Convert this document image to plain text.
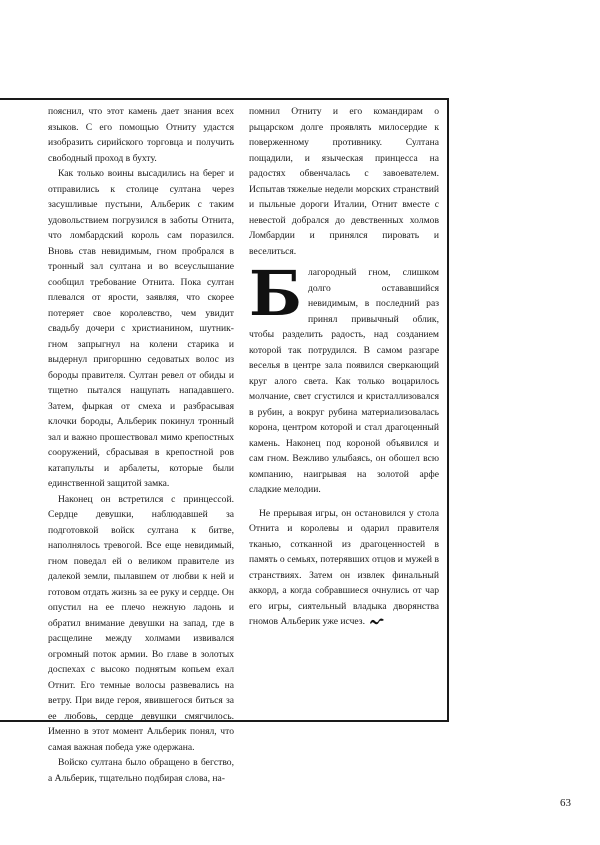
пояснил, что этот камень дает знания всех языков. С его помощью Отниту удастся изобразить сирийского торговца и получить свободный проход в бухту.

Как только воины высадились на берег и отправились к столице султана через засушливые пустыни, Альберик с таким удовольствием погрузился в заботы Отнита, что ломбардский король сам поразился. Вновь став невидимым, гном пробрался в тронный зал султана и во всеуслышание сообщил требование Отнита. Пока султан плевался от ярости, заявляя, что скорее потеряет свое королевство, чем увидит свадьбу дочери с христианином, шутник-гном запрыгнул на колени старика и выдернул пригоршню седоватых волос из бороды правителя. Султан ревел от обиды и тщетно пытался нащупать нападавшего. Затем, фыркая от смеха и разбрасывая клочки бороды, Альберик покинул тронный зал и важно прошествовал мимо крепостных сооружений, сбрасывая в крепостной ров катапульты и арбалеты, которые были единственной защитой замка.

Наконец он встретился с принцессой. Сердце девушки, наблюдавшей за подготовкой войск султана к битве, наполнялось тревогой. Все еще невидимый, гном поведал ей о великом правителе из далекой земли, пылавшем от любви к ней и готовом отдать жизнь за ее руку и сердце. Он опустил на ее плечо нежную ладонь и обратил внимание девушки на запад, где в расщелине между холмами извивался огромный поток армии. Во главе в золотых доспехах с высоко поднятым копьем ехал Отнит. Его темные волосы развевались на ветру. При виде героя, явившегося биться за ее любовь, сердце девушки смягчилось. Именно в этот момент Альберик понял, что самая важная победа уже одержана.

Войско султана было обращено в бегство, а Альберик, тщательно подбирая слова, на-

помнил Отниту и его командирам о рыцарском долге проявлять милосердие к поверженному противнику. Султана пощадили, и языческая принцесса на радостях обвенчалась с завоевателем. Испытав тяжелые недели морских странствий и пыльные дороги Италии, Отнит вместе с невестой добрался до девственных холмов Ломбардии и принялся пировать и веселиться.

Благородный гном, слишком долго остававшийся невидимым, в последний раз принял привычный облик, чтобы разделить радость, над созданием которой так потрудился. В самом разгаре веселья в центре зала появился сверкающий круг алого света. Как только воцарилось молчание, свет сгустился и кристаллизовался в рубин, а вокруг рубина материализовалась корона, центром которой и стал драгоценный камень. Наконец под короной объявился и сам гном. Вежливо улыбаясь, он обошел всю компанию, наигрывая на золотой арфе сладкие мелодии.

Не прерывая игры, он остановился у стола Отнита и королевы и одарил правителя тканью, сотканной из драгоценностей в память о семьях, потерявших отцов и мужей в странствиях. Затем он извлек финальный аккорд, а когда собравшиеся очнулись от чар его игры, сиятельный владыка дворянства гномов Альберик уже исчез.

63
